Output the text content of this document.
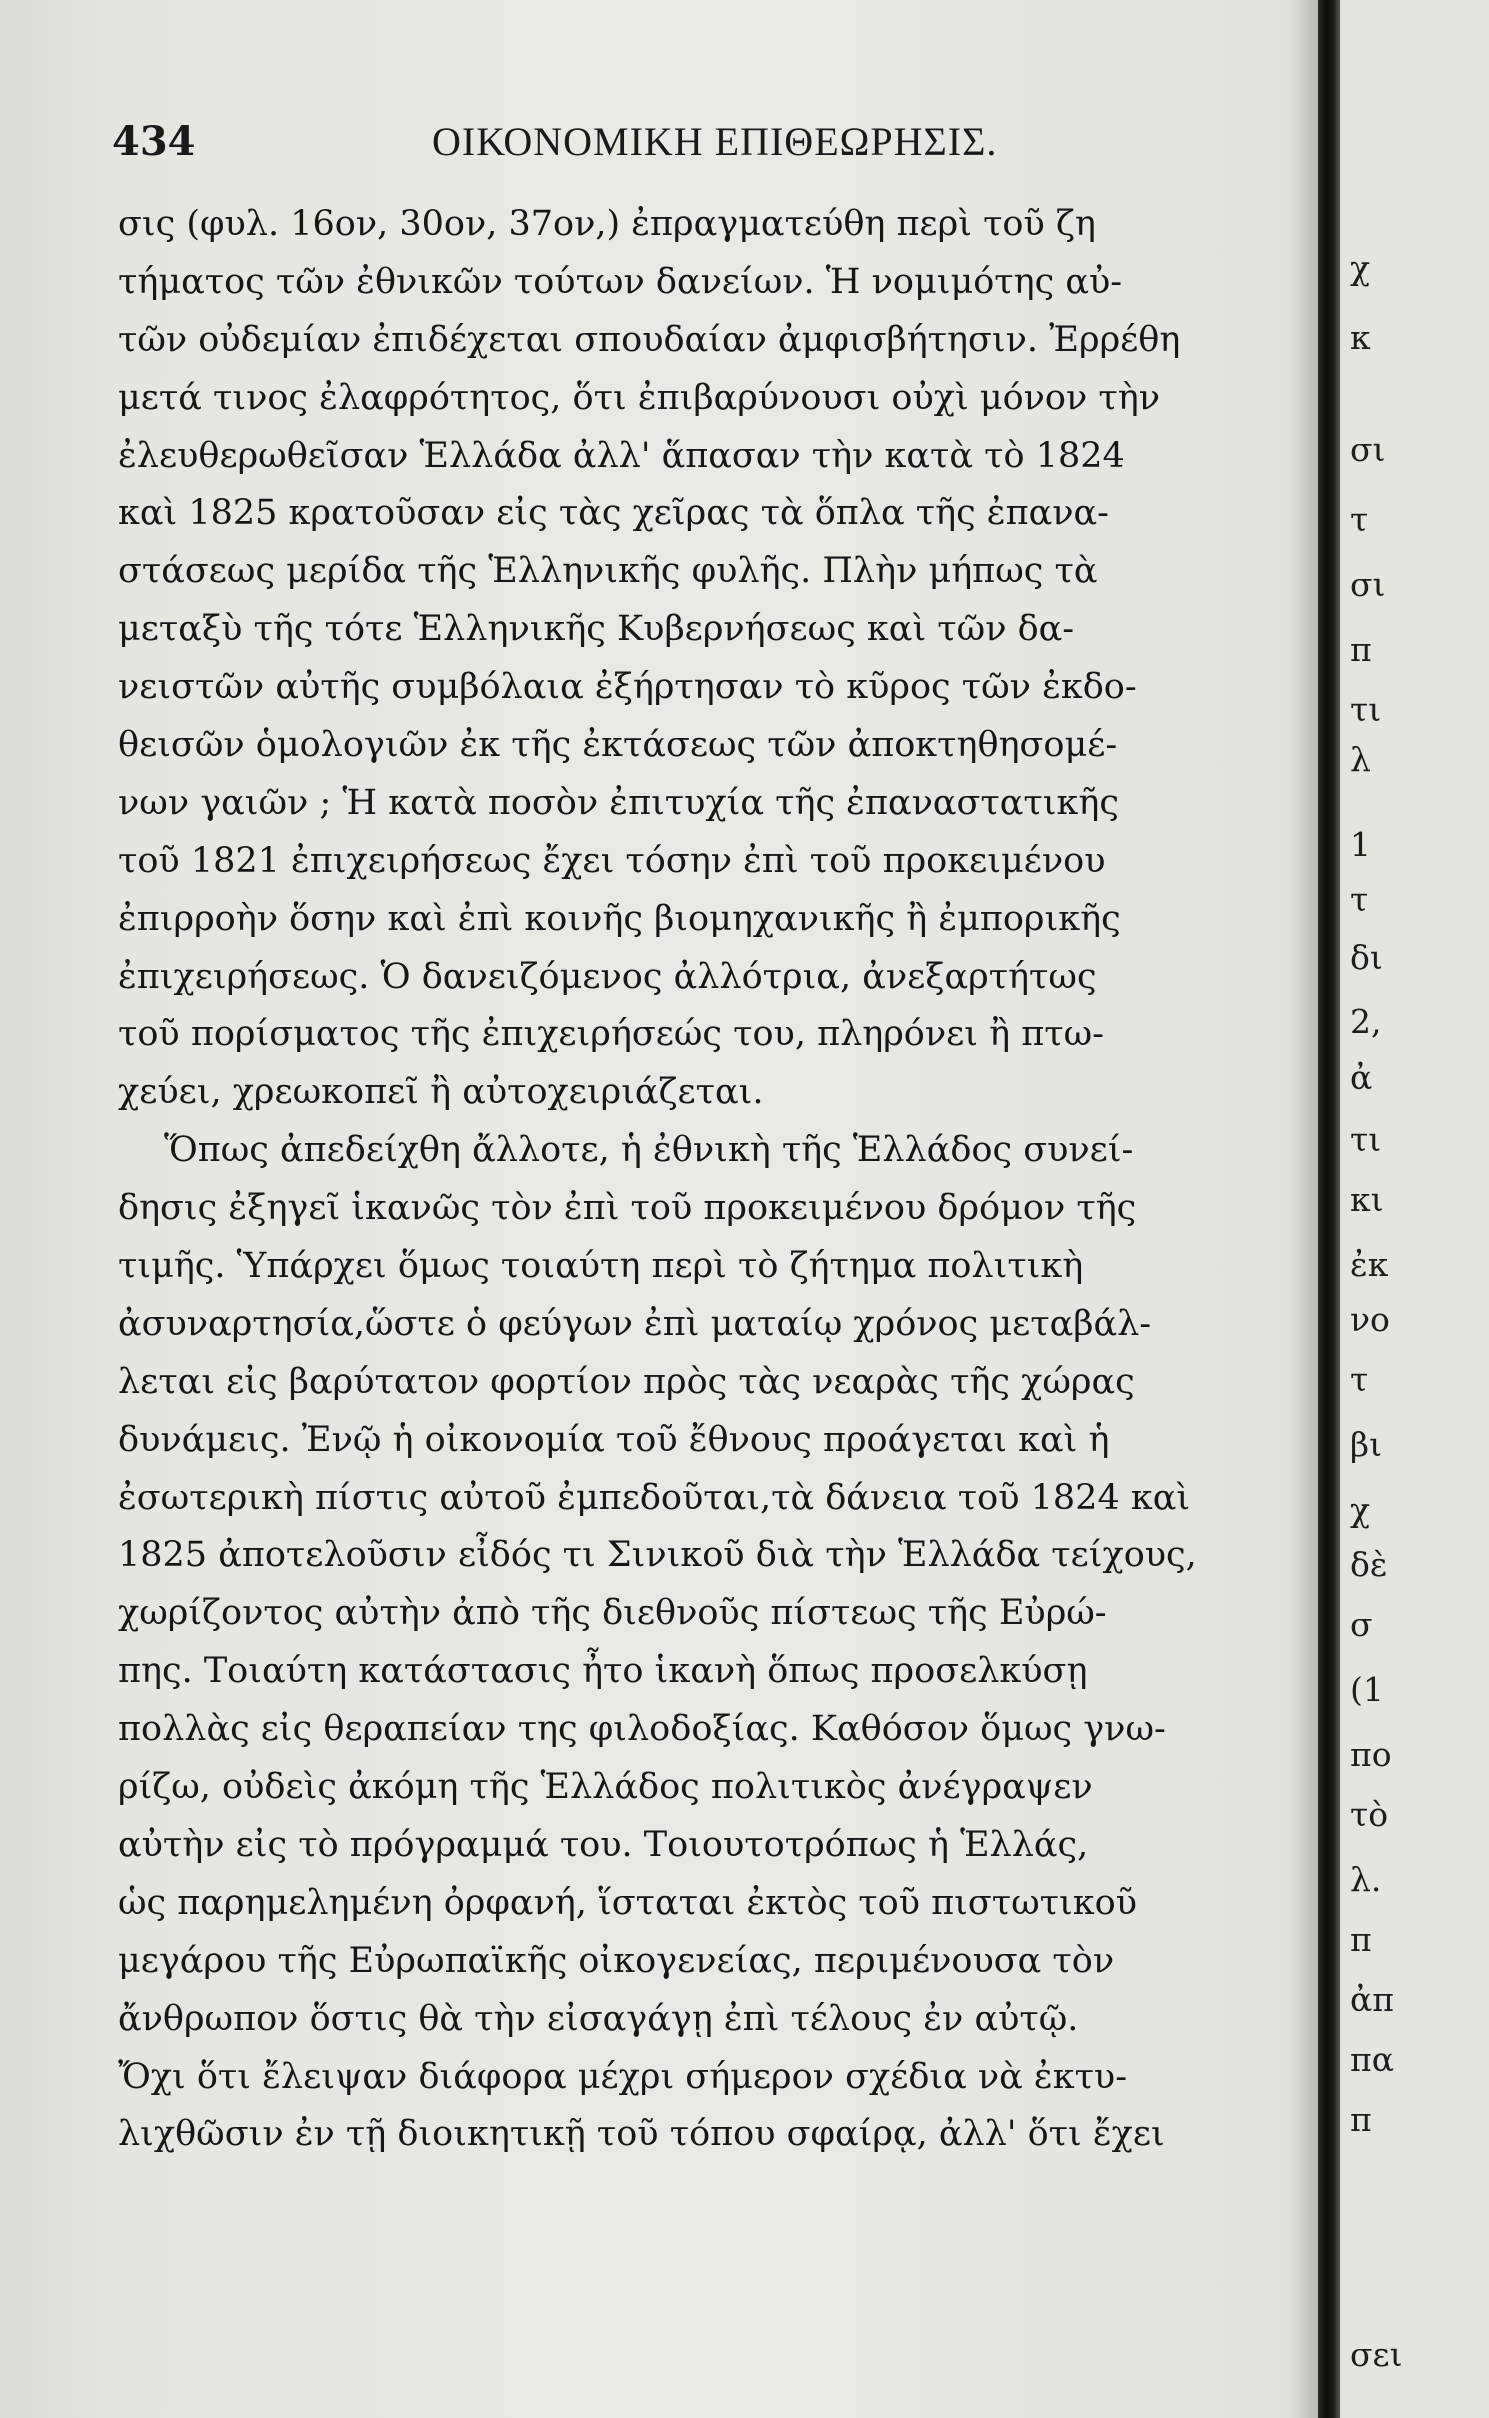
434	ΟΙΚΟΝΟΜΙΚΗ ΕΠΙΘΕΩΡΗΣΙΣ.
σις (φυλ. 16ον, 30ον, 37ον,) ἐπραγματεύθη περὶ τοῦ ζη
τήματος τῶν ἐθνικῶν τούτων δανείων. Ἡ νομιμότης αὐ-
τῶν οὐδεμίαν ἐπιδέχεται σπουδαίαν ἀμφισβήτησιν. Ἐρρέθη
μετά τινος ἐλαφρότητος, ὅτι ἐπιβαρύνουσι οὐχὶ μόνον τὴν
ἐλευθερωθεῖσαν Ἑλλάδα ἀλλ' ἅπασαν τὴν κατὰ τὸ 1824
καὶ 1825 κρατοῦσαν εἰς τὰς χεῖρας τὰ ὅπλα τῆς ἐπανα-
στάσεως μερίδα τῆς Ἑλληνικῆς φυλῆς. Πλὴν μήπως τὰ
μεταξὺ τῆς τότε Ἑλληνικῆς Κυβερνήσεως καὶ τῶν δα-
νειστῶν αὐτῆς συμβόλαια ἐξήρτησαν τὸ κῦρος τῶν ἐκδο-
θεισῶν ὁμολογιῶν ἐκ τῆς ἐκτάσεως τῶν ἀποκτηθησομέ-
νων γαιῶν ; Ἡ κατὰ ποσὸν ἐπιτυχία τῆς ἐπαναστατικῆς
τοῦ 1821 ἐπιχειρήσεως ἔχει τόσην ἐπὶ τοῦ προκειμένου
ἐπιρροὴν ὅσην καὶ ἐπὶ κοινῆς βιομηχανικῆς ἢ ἐμπορικῆς
ἐπιχειρήσεως. Ὁ δανειζόμενος ἀλλότρια, ἀνεξαρτήτως
τοῦ πορίσματος τῆς ἐπιχειρήσεώς του, πληρόνει ἢ πτω-
χεύει, χρεωκοπεῖ ἢ αὐτοχειριάζεται.
Ὅπως ἀπεδείχθη ἄλλοτε, ἡ ἐθνικὴ τῆς Ἑλλάδος συνεί-
δησις ἐξηγεῖ ἱκανῶς τὸν ἐπὶ τοῦ προκειμένου δρόμον τῆς
τιμῆς. Ὑπάρχει ὅμως τοιαύτη περὶ τὸ ζήτημα πολιτικὴ
ἀσυναρτησία,ὥστε ὁ φεύγων ἐπὶ ματαίῳ χρόνος μεταβάλ-
λεται εἰς βαρύτατον φορτίον πρὸς τὰς νεαρὰς τῆς χώρας
δυνάμεις. Ἐνῷ ἡ οἰκονομία τοῦ ἔθνους προάγεται καὶ ἡ
ἐσωτερικὴ πίστις αὐτοῦ ἐμπεδοῦται,τὰ δάνεια τοῦ 1824 καὶ
1825 ἀποτελοῦσιν εἶδός τι Σινικοῦ διὰ τὴν Ἑλλάδα τείχους,
χωρίζοντος αὐτὴν ἀπὸ τῆς διεθνοῦς πίστεως τῆς Εὐρώ-
πης. Τοιαύτη κατάστασις ἦτο ἱκανὴ ὅπως προσελκύσῃ
πολλὰς εἰς θεραπείαν της φιλοδοξίας. Καθόσον ὅμως γνω-
ρίζω, οὐδεὶς ἀκόμη τῆς Ἑλλάδος πολιτικὸς ἀνέγραψεν
αὐτὴν εἰς τὸ πρόγραμμά του. Τοιουτοτρόπως ἡ Ἑλλάς,
ὡς παρημελημένη ὀρφανή, ἵσταται ἐκτὸς τοῦ πιστωτικοῦ
μεγάρου τῆς Εὐρωπαϊκῆς οἰκογενείας, περιμένουσα τὸν
ἄνθρωπον ὅστις θὰ τὴν εἰσαγάγῃ ἐπὶ τέλους ἐν αὐτῷ.
Ὄχι ὅτι ἔλειψαν διάφορα μέχρι σήμερον σχέδια νὰ ἐκτυ-
λιχθῶσιν ἐν τῇ διοικητικῇ τοῦ τόπου σφαίρᾳ, ἀλλ' ὅτι ἔχει
χ
κ
σι
τ
σι
π
τι
λ
1
τ
δι
2,
ἀ
τι
κι
ἐκ
νο
τ
βι
χ
δὲ
σ
(1
πο
τὸ
λ.
π
ἀπ
πα
π
σει
